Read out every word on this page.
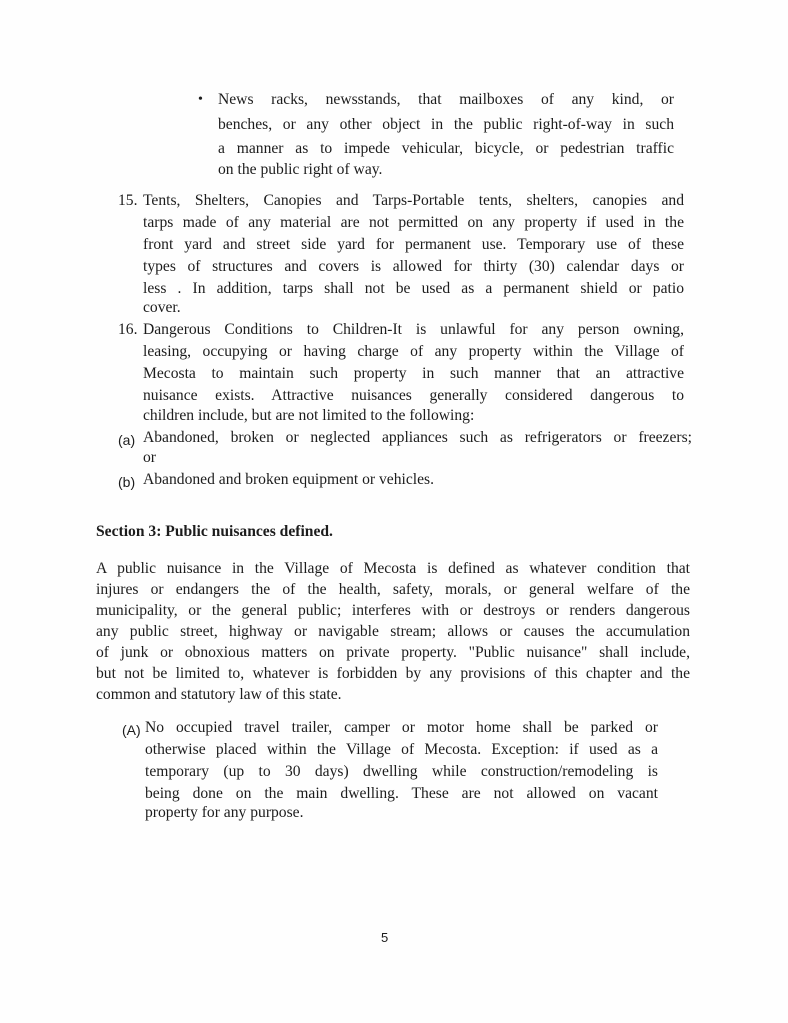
• News racks, newsstands, that mailboxes of any kind, or
benches, or any other object in the public right-of-way in such
a manner as to impede vehicular, bicycle, or pedestrian traffic
on the public right of way.
15. Tents, Shelters, Canopies and Tarps-Portable tents, shelters, canopies and
tarps made of any material are not permitted on any property if used in the
front yard and street side yard for permanent use. Temporary use of these
types of structures and covers is allowed for thirty (30) calendar days or
less . In addition, tarps shall not be used as a permanent shield or patio
cover.
16. Dangerous Conditions to Children-It is unlawful for any person owning,
leasing, occupying or having charge of any property within the Village of
Mecosta to maintain such property in such manner that an attractive
nuisance exists. Attractive nuisances generally considered dangerous to
children include, but are not limited to the following:
(a) Abandoned, broken or neglected appliances such as refrigerators or freezers;
or
(b) Abandoned and broken equipment or vehicles.
Section 3: Public nuisances defined.
A public nuisance in the Village of Mecosta is defined as whatever condition that
injures or endangers the of the health, safety, morals, or general welfare of the
municipality, or the general public; interferes with or destroys or renders dangerous
any public street, highway or navigable stream; allows or causes the accumulation
of junk or obnoxious matters on private property. "Public nuisance" shall include,
but not be limited to, whatever is forbidden by any provisions of this chapter and the
common and statutory law of this state.
(A) No occupied travel trailer, camper or motor home shall be parked or
otherwise placed within the Village of Mecosta. Exception: if used as a
temporary (up to 30 days) dwelling while construction/remodeling is
being done on the main dwelling. These are not allowed on vacant
property for any purpose.
5
